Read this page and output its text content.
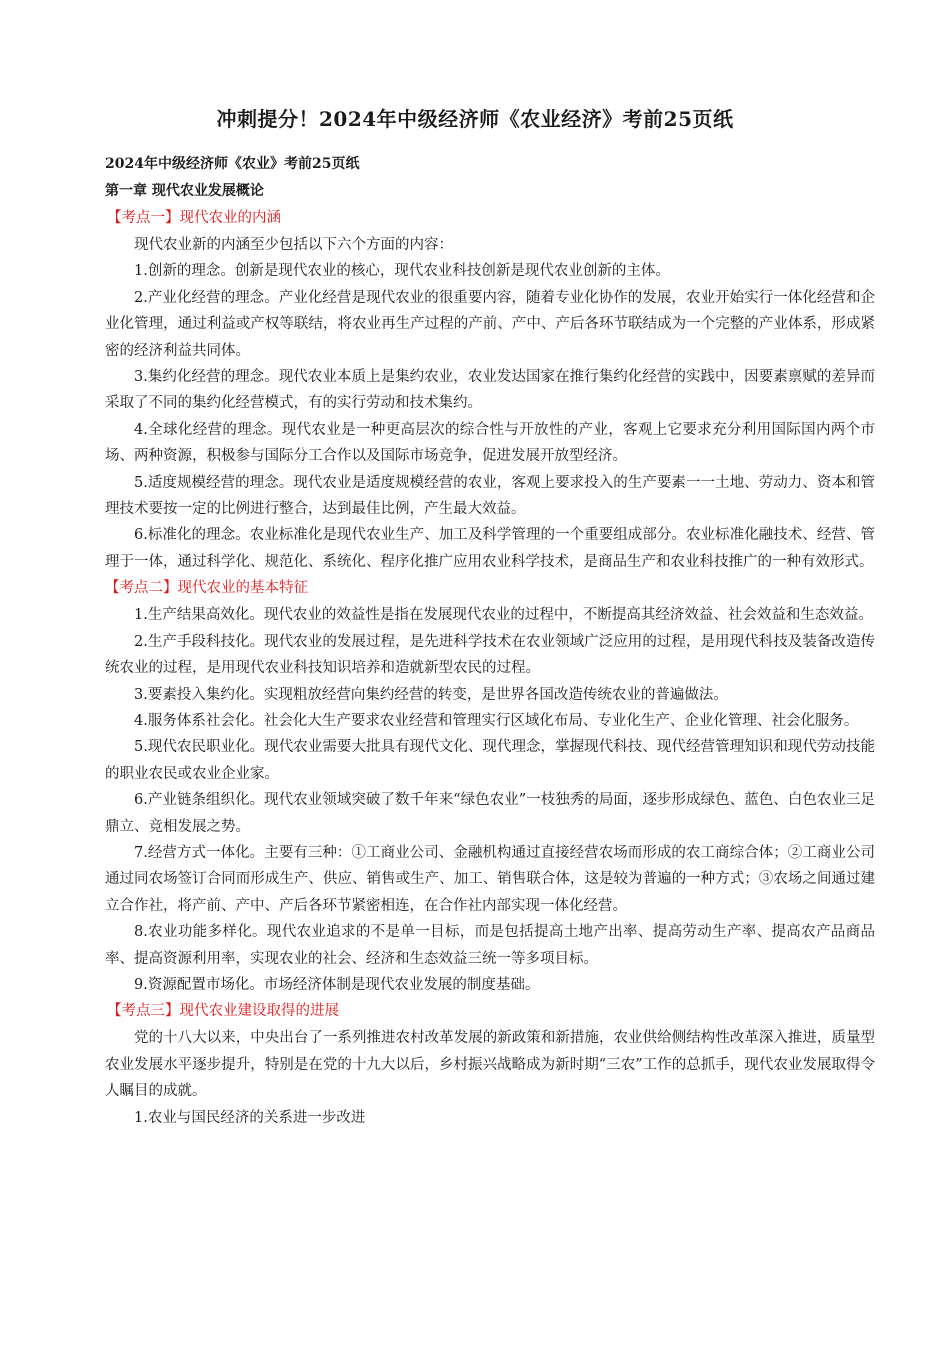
冲刺提分！2024年中级经济师《农业经济》考前25页纸

2024年中级经济师《农业》考前25页纸

第一章 现代农业发展概论

【考点一】现代农业的内涵

现代农业新的内涵至少包括以下六个方面的内容：

1.创新的理念。创新是现代农业的核心，现代农业科技创新是现代农业创新的主体。

2.产业化经营的理念。产业化经营是现代农业的很重要内容，随着专业化协作的发展，农业开始实行一体化经营和企业化管理，通过利益或产权等联结，将农业再生产过程的产前、产中、产后各环节联结成为一个完整的产业体系，形成紧密的经济利益共同体。

3.集约化经营的理念。现代农业本质上是集约农业，农业发达国家在推行集约化经营的实践中，因要素禀赋的差异而采取了不同的集约化经营模式，有的实行劳动和技术集约。

4.全球化经营的理念。现代农业是一种更高层次的综合性与开放性的产业，客观上它要求充分利用国际国内两个市场、两种资源，积极参与国际分工合作以及国际市场竞争，促进发展开放型经济。

5.适度规模经营的理念。现代农业是适度规模经营的农业，客观上要求投入的生产要素一一土地、劳动力、资本和管理技术要按一定的比例进行整合，达到最佳比例，产生最大效益。

6.标准化的理念。农业标准化是现代农业生产、加工及科学管理的一个重要组成部分。农业标准化融技术、经营、管理于一体，通过科学化、规范化、系统化、程序化推广应用农业科学技术，是商品生产和农业科技推广的一种有效形式。

【考点二】现代农业的基本特征

1.生产结果高效化。现代农业的效益性是指在发展现代农业的过程中，不断提高其经济效益、社会效益和生态效益。

2.生产手段科技化。现代农业的发展过程，是先进科学技术在农业领域广泛应用的过程，是用现代科技及装备改造传统农业的过程，是用现代农业科技知识培养和造就新型农民的过程。

3.要素投入集约化。实现粗放经营向集约经营的转变，是世界各国改造传统农业的普遍做法。

4.服务体系社会化。社会化大生产要求农业经营和管理实行区域化布局、专业化生产、企业化管理、社会化服务。

5.现代农民职业化。现代农业需要大批具有现代文化、现代理念，掌握现代科技、现代经营管理知识和现代劳动技能的职业农民或农业企业家。

6.产业链条组织化。现代农业领域突破了数千年来“绿色农业”一枝独秀的局面，逐步形成绿色、蓝色、白色农业三足鼎立、竞相发展之势。

7.经营方式一体化。主要有三种：①工商业公司、金融机构通过直接经营农场而形成的农工商综合体；②工商业公司通过同农场签订合同而形成生产、供应、销售或生产、加工、销售联合体，这是较为普遍的一种方式；③农场之间通过建立合作社，将产前、产中、产后各环节紧密相连，在合作社内部实现一体化经营。

8.农业功能多样化。现代农业追求的不是单一目标，而是包括提高土地产出率、提高劳动生产率、提高农产品商品率、提高资源利用率，实现农业的社会、经济和生态效益三统一等多项目标。

9.资源配置市场化。市场经济体制是现代农业发展的制度基础。

【考点三】现代农业建设取得的进展

党的十八大以来，中央出台了一系列推进农村改革发展的新政策和新措施，农业供给侧结构性改革深入推进，质量型农业发展水平逐步提升，特别是在党的十九大以后，乡村振兴战略成为新时期“三农”工作的总抓手，现代农业发展取得令人瞩目的成就。

1.农业与国民经济的关系进一步改进
